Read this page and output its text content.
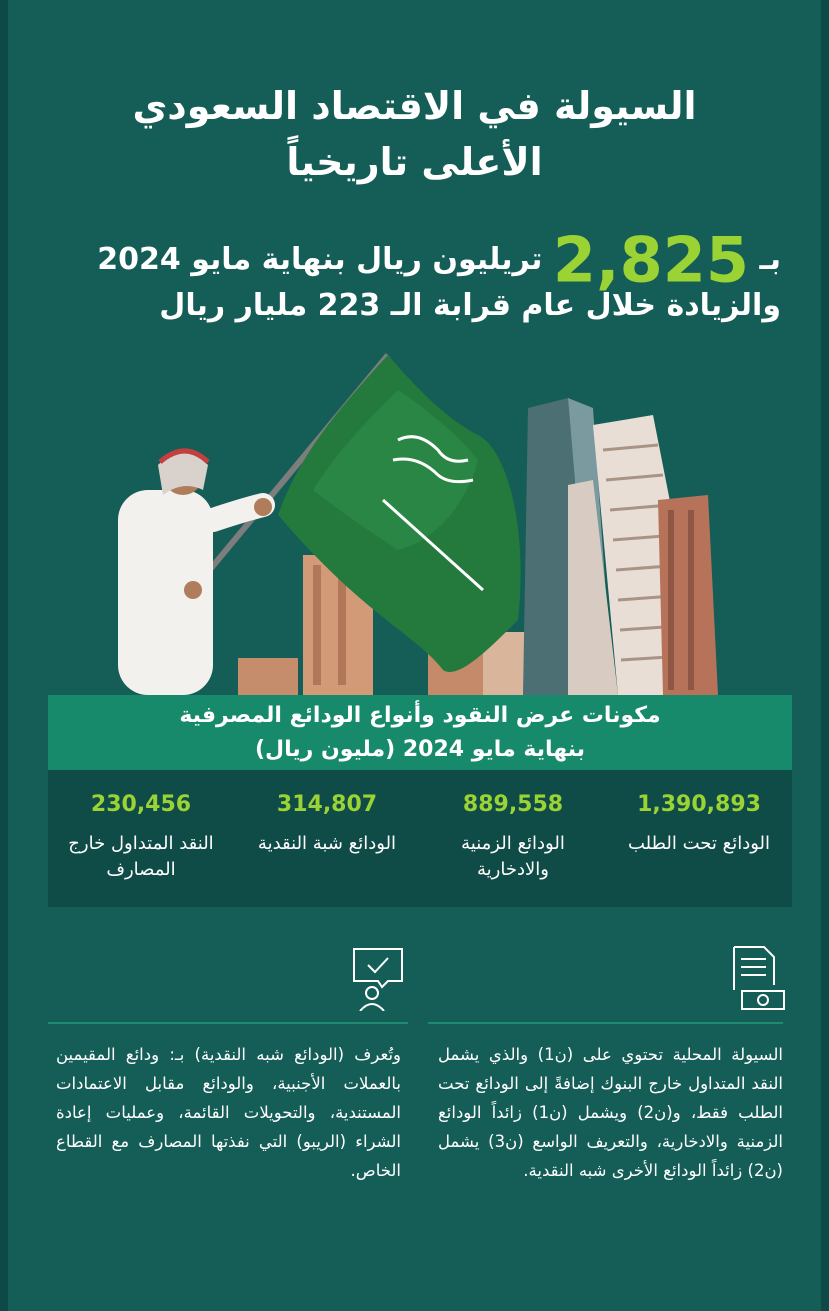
السيولة في الاقتصاد السعودي
الأعلى تاريخياً
بـ 2,825 تريليون ريال بنهاية مايو 2024
والزيادة خلال عام قرابة الـ 223 مليار ريال
مكونات عرض النقود وأنواع الودائع المصرفية
بنهاية مايو 2024 (مليون ريال)
1,390,893
الودائع تحت الطلب
889,558
الودائع الزمنية والادخارية
314,807
الودائع شبة النقدية
230,456
النقد المتداول خارج المصارف
السيولة المحلية تحتوي على (ن1) والذي يشمل النقد المتداول خارج البنوك إضافةً إلى الودائع تحت الطلب فقط، و(ن2) ويشمل (ن1) زائداً الودائع الزمنية والادخارية، والتعريف الواسع (ن3) يشمل (ن2) زائداً الودائع الأخرى شبه النقدية.
وتُعرف (الودائع شبه النقدية) بـ: ودائع المقيمين بالعملات الأجنبية، والودائع مقابل الاعتمادات المستندية، والتحويلات القائمة، وعمليات إعادة الشراء (الريبو) التي نفذتها المصارف مع القطاع الخاص.
